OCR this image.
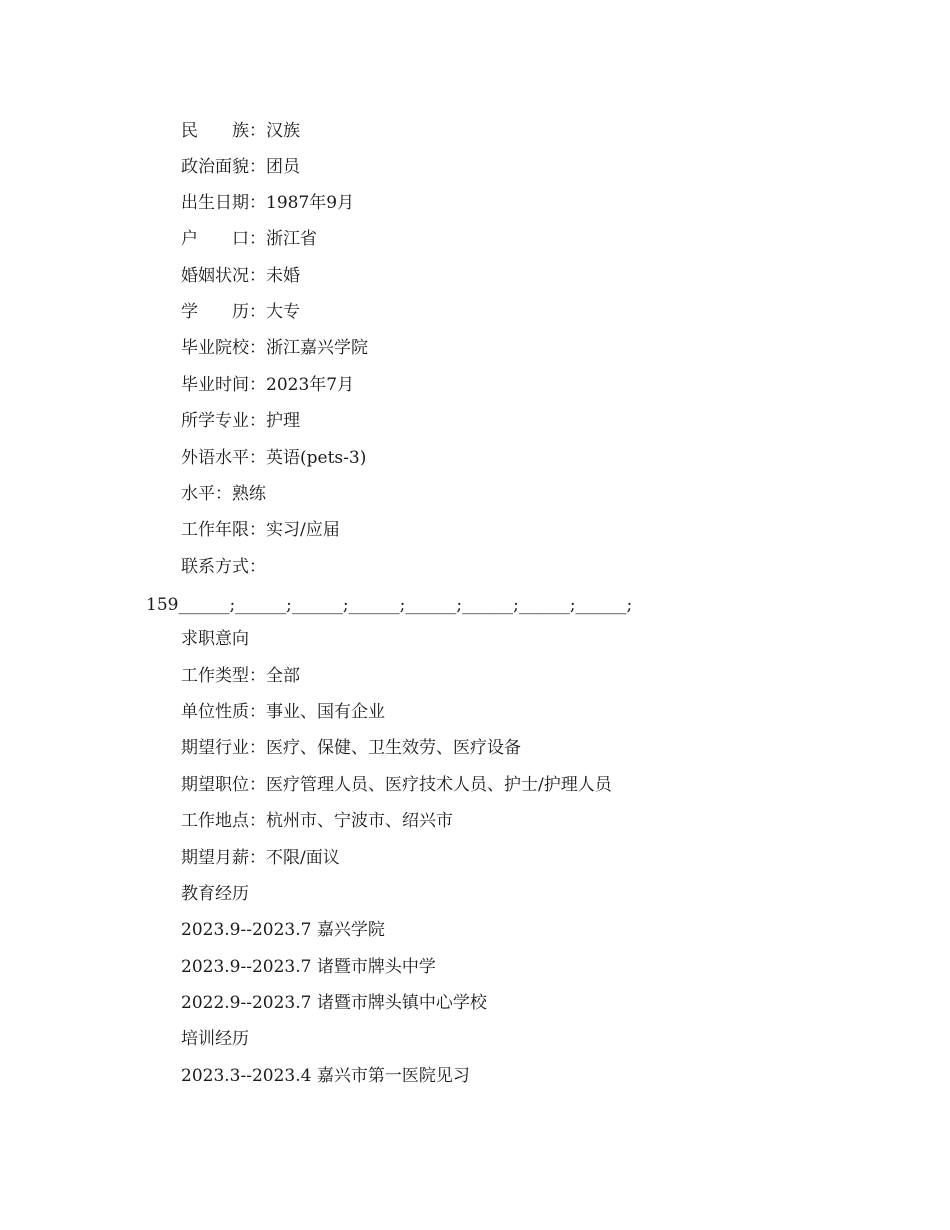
民　　族：汉族
政治面貌：团员
出生日期：1987年9月
户　　口：浙江省
婚姻状况：未婚
学　　历：大专
毕业院校：浙江嘉兴学院
毕业时间：2023年7月
所学专业：护理
外语水平：英语(pets-3)
水平：熟练
工作年限：实习/应届
联系方式：
159______;______;______;______;______;______;______;______;
求职意向
工作类型：全部
单位性质：事业、国有企业
期望行业：医疗、保健、卫生效劳、医疗设备
期望职位：医疗管理人员、医疗技术人员、护士/护理人员
工作地点：杭州市、宁波市、绍兴市
期望月薪：不限/面议
教育经历
2023.9--2023.7 嘉兴学院
2023.9--2023.7 诸暨市牌头中学
2022.9--2023.7 诸暨市牌头镇中心学校
培训经历
2023.3--2023.4 嘉兴市第一医院见习
